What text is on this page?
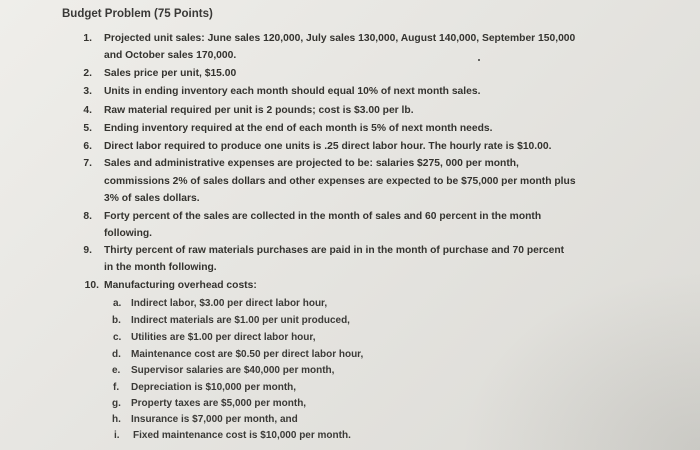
Budget Problem (75 Points)
1. Projected unit sales: June sales 120,000, July sales 130,000, August 140,000, September 150,000
and October sales 170,000.
2. Sales price per unit, $15.00
3. Units in ending inventory each month should equal 10% of next month sales.
4. Raw material required per unit is 2 pounds; cost is $3.00 per lb.
5. Ending inventory required at the end of each month is 5% of next month needs.
6. Direct labor required to produce one units is .25 direct labor hour. The hourly rate is $10.00.
7. Sales and administrative expenses are projected to be: salaries $275, 000 per month,
commissions 2% of sales dollars and other expenses are expected to be $75,000 per month plus
3% of sales dollars.
8. Forty percent of the sales are collected in the month of sales and 60 percent in the month
following.
9. Thirty percent of raw materials purchases are paid in in the month of purchase and 70 percent
in the month following.
10. Manufacturing overhead costs:
a. Indirect labor, $3.00 per direct labor hour,
b. Indirect materials are $1.00 per unit produced,
c. Utilities are $1.00 per direct labor hour,
d. Maintenance cost are $0.50 per direct labor hour,
e. Supervisor salaries are $40,000 per month,
f. Depreciation is $10,000 per month,
g. Property taxes are $5,000 per month,
h. Insurance is $7,000 per month, and
i. Fixed maintenance cost is $10,000 per month.
